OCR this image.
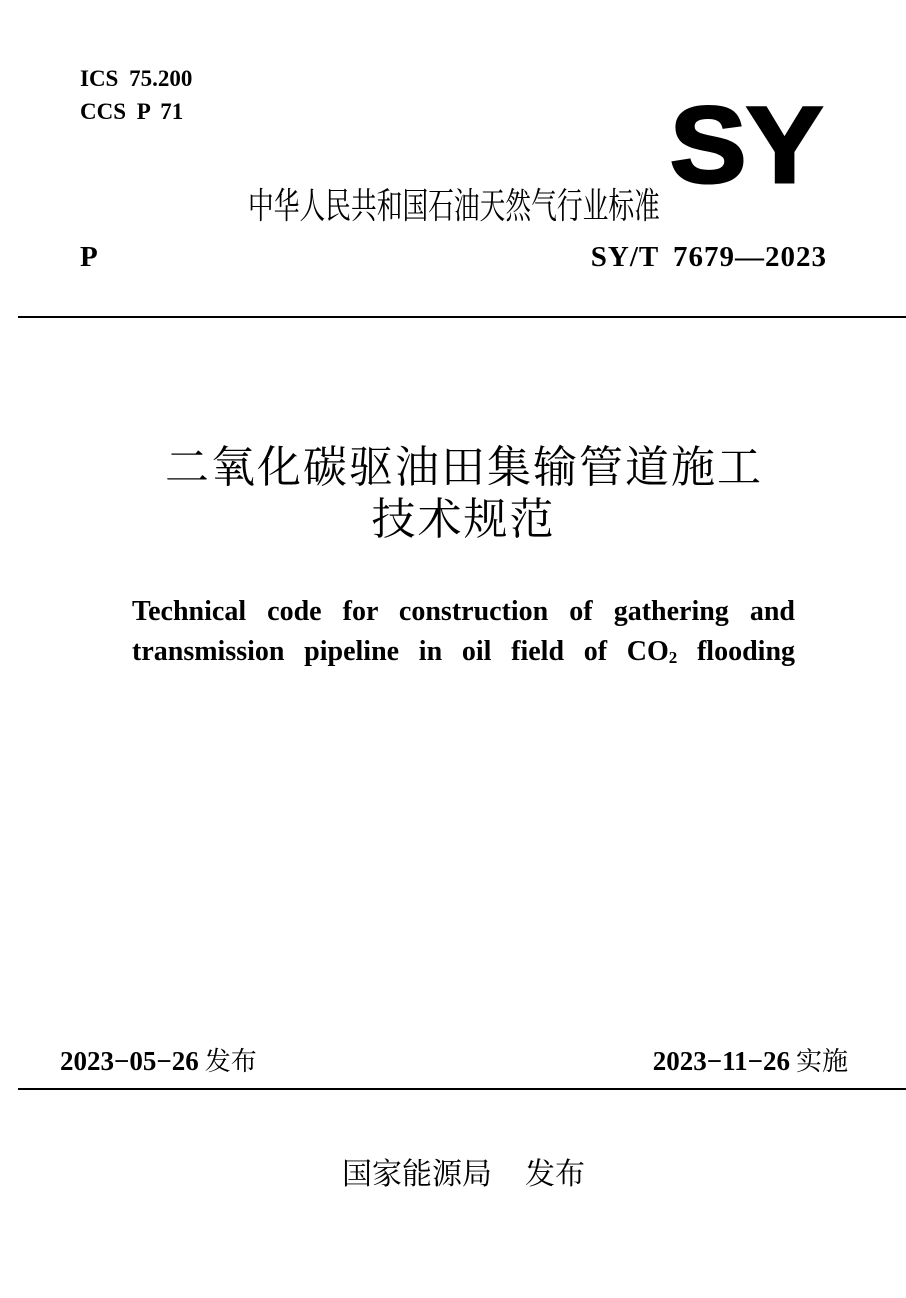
ICS 75.200
CCS P 71	SY
中华人民共和国石油天然气行业标准
P	SY/T 7679—2023
二氧化碳驱油田集输管道施工
技术规范
Technical code for construction of gathering and
transmission pipeline in oil field of $CO_2$ flooding
2023−05−26 发布	2023−11−26 实施
国家能源局 发布
